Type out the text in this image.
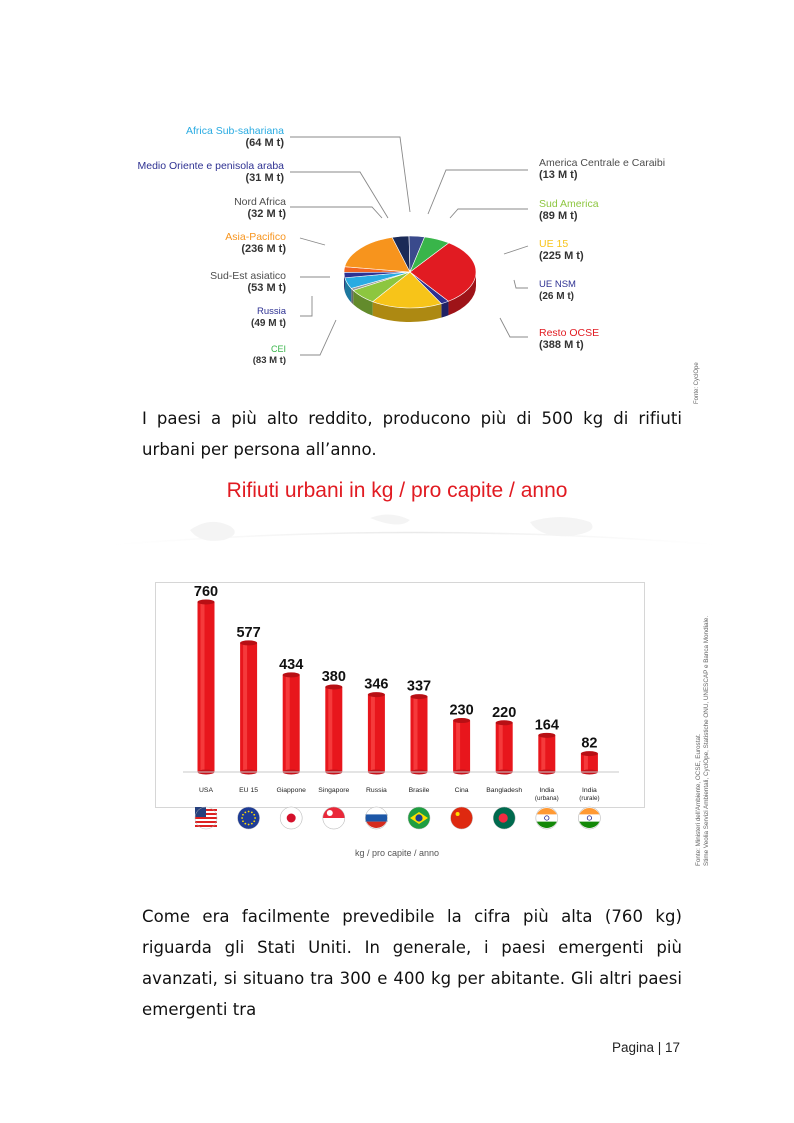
Africa Sub-sahariana
(64 M t)
Medio Oriente e penisola araba
(31 M t)
Nord Africa
(32 M t)
Asia-Pacifico
(236 M t)
Sud-Est asiatico
(53 M t)
Russia
(49 M t)
CEI
(83 M t)
America Centrale e Caraibi
(13 M t)
Sud America
(89 M t)
UE 15
(225 M t)
UE NSM
(26 M t)
Resto OCSE
(388 M t)
Fonte: CyclOpe

I paesi a più alto reddito, producono più di 500 kg di rifiuti urbani per persona all’anno.

Rifiuti urbani in kg / pro capite / anno
760
USA
577
EU 15
434
Giappone
380
Singapore
346
Russia
337
Brasile
230
Cina
220
Bangladesh
164
India
(urbana)
82
India
(rurale)
kg / pro capite / anno	Fonte: Ministeri dell'Ambiente, OCSE, Eurostat. Stime Veolia Servizi Ambientali, CyclOpe, Statistiche ONU, UNESCAP e Banca Mondiale.

Come era facilmente prevedibile la cifra più alta (760 kg) riguarda gli Stati Uniti. In generale, i paesi emergenti più avanzati, si situano tra 300 e 400 kg per abitante. Gli altri paesi emergenti tra

Pagina | 17
